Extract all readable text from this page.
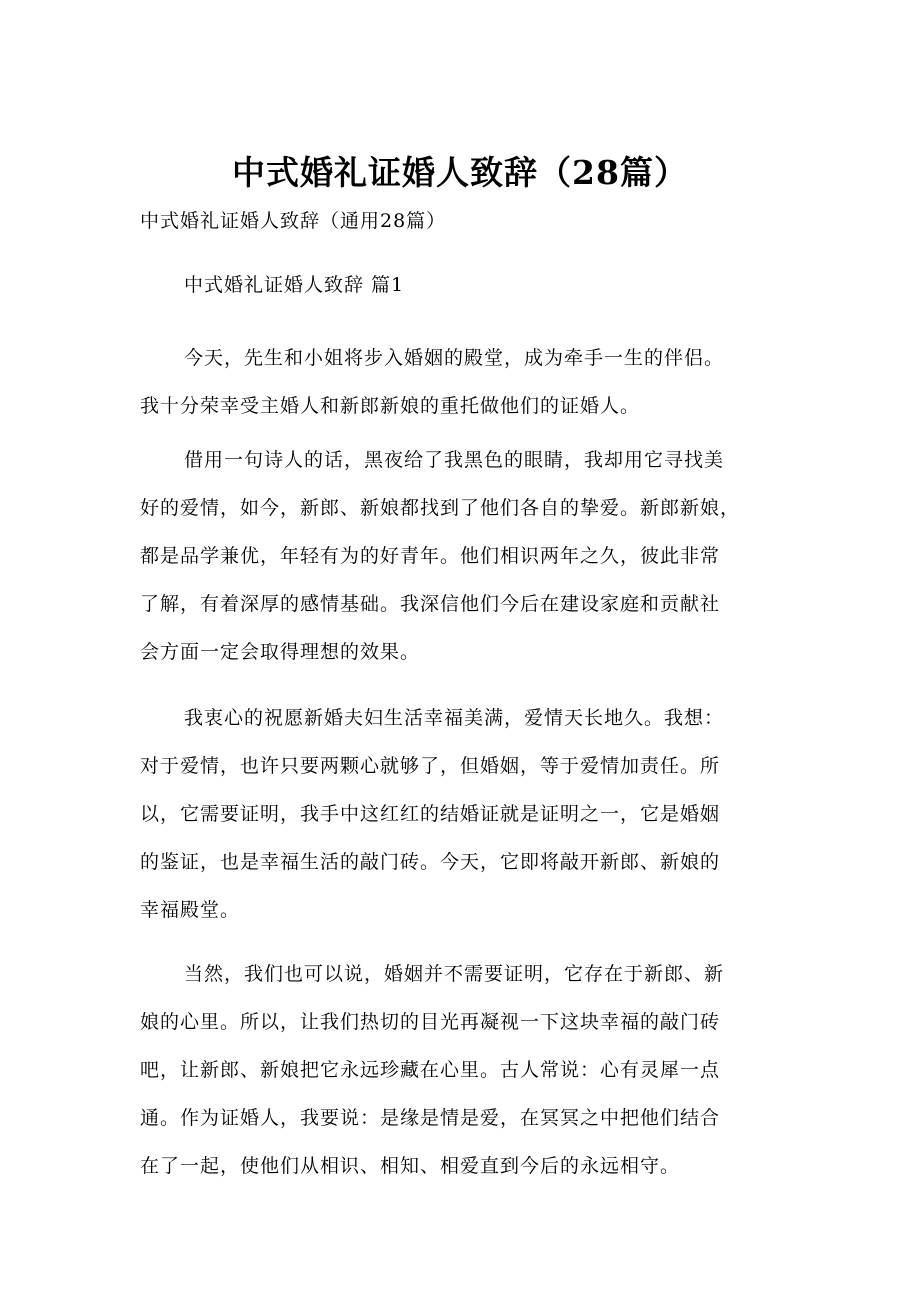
中式婚礼证婚人致辞（28篇）
中式婚礼证婚人致辞（通用28篇）
中式婚礼证婚人致辞 篇1
今天，先生和小姐将步入婚姻的殿堂，成为牵手一生的伴侣。
我十分荣幸受主婚人和新郎新娘的重托做他们的证婚人。
借用一句诗人的话，黑夜给了我黑色的眼睛，我却用它寻找美
好的爱情，如今，新郎、新娘都找到了他们各自的挚爱。新郎新娘，
都是品学兼优，年轻有为的好青年。他们相识两年之久，彼此非常
了解，有着深厚的感情基础。我深信他们今后在建设家庭和贡献社
会方面一定会取得理想的效果。
我衷心的祝愿新婚夫妇生活幸福美满，爱情天长地久。我想：
对于爱情，也许只要两颗心就够了，但婚姻，等于爱情加责任。所
以，它需要证明，我手中这红红的结婚证就是证明之一，它是婚姻
的鉴证，也是幸福生活的敲门砖。今天，它即将敲开新郎、新娘的
幸福殿堂。
当然，我们也可以说，婚姻并不需要证明，它存在于新郎、新
娘的心里。所以，让我们热切的目光再凝视一下这块幸福的敲门砖
吧，让新郎、新娘把它永远珍藏在心里。古人常说：心有灵犀一点
通。作为证婚人，我要说：是缘是情是爱，在冥冥之中把他们结合
在了一起，使他们从相识、相知、相爱直到今后的永远相守。
